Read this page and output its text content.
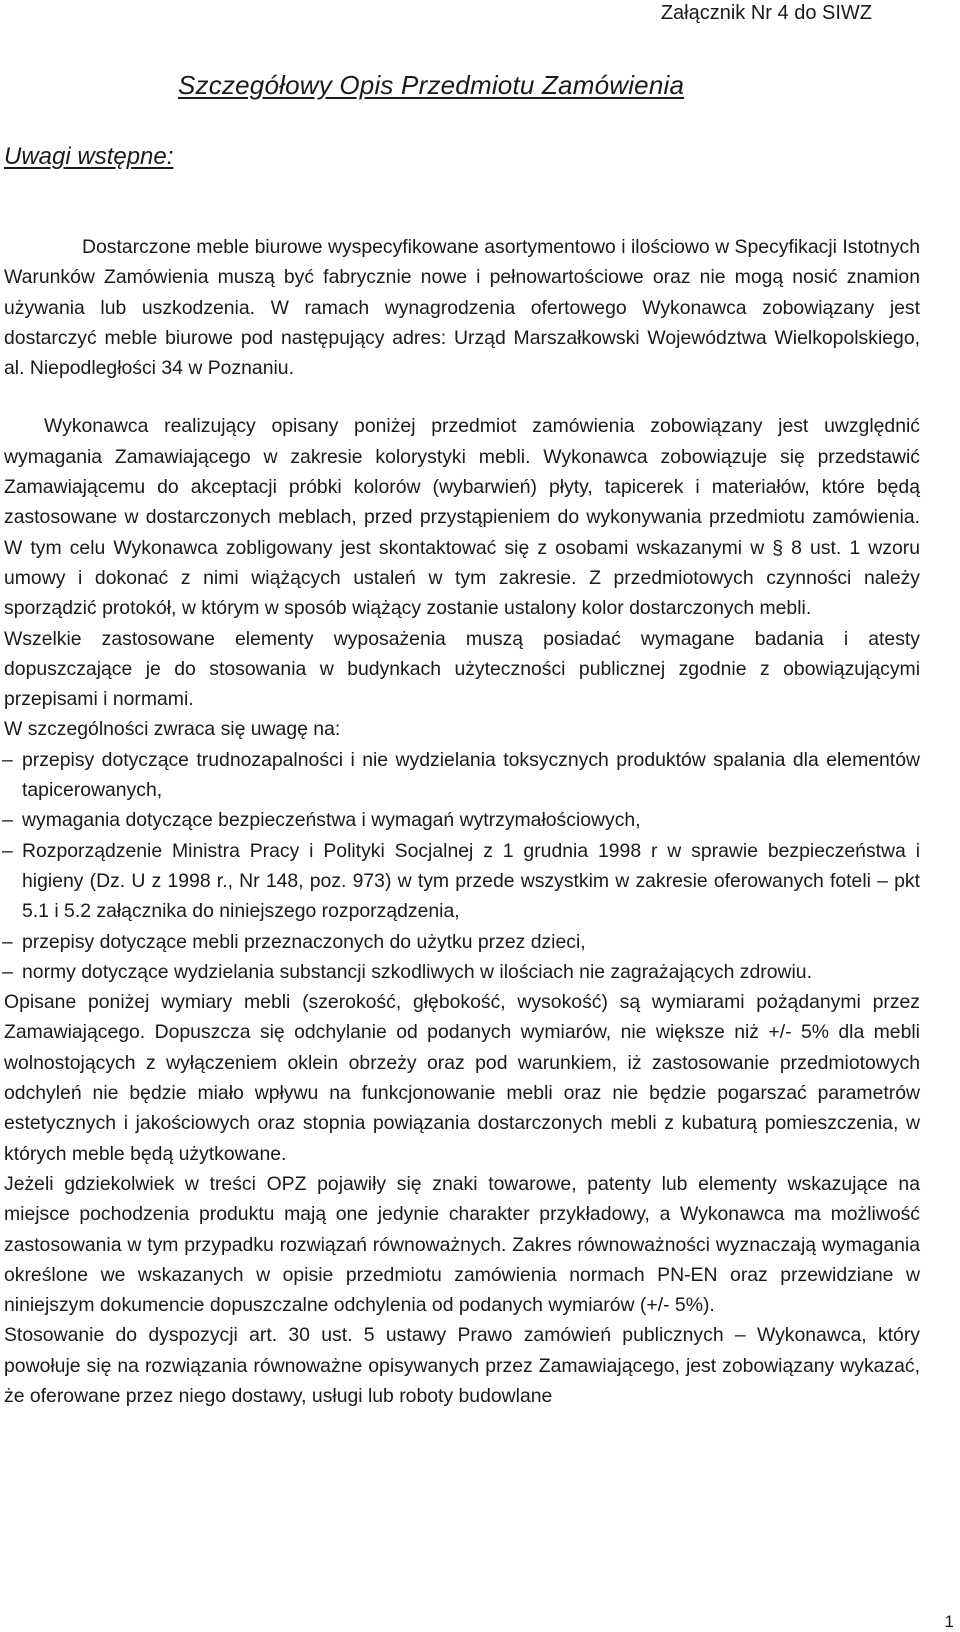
Załącznik Nr 4 do SIWZ
Szczegółowy Opis Przedmiotu Zamówienia
Uwagi wstępne:

Dostarczone meble biurowe wyspecyfikowane asortymentowo i ilościowo w Specyfikacji Istotnych Warunków Zamówienia muszą być fabrycznie nowe i pełnowartościowe oraz nie mogą nosić znamion używania lub uszkodzenia. W ramach wynagrodzenia ofertowego Wykonawca zobowiązany jest dostarczyć meble biurowe pod następujący adres: Urząd Marszałkowski Województwa Wielkopolskiego, al. Niepodległości 34 w Poznaniu.

Wykonawca realizujący opisany poniżej przedmiot zamówienia zobowiązany jest uwzględnić wymagania Zamawiającego w zakresie kolorystyki mebli. Wykonawca zobowiązuje się przedstawić Zamawiającemu do akceptacji próbki kolorów (wybarwień) płyty, tapicerek i materiałów, które będą zastosowane w dostarczonych meblach, przed przystąpieniem do wykonywania przedmiotu zamówienia. W tym celu Wykonawca zobligowany jest skontaktować się z osobami wskazanymi w § 8 ust. 1 wzoru umowy i dokonać z nimi wiążących ustaleń w tym zakresie. Z przedmiotowych czynności należy sporządzić protokół, w którym w sposób wiążący zostanie ustalony kolor dostarczonych mebli.

Wszelkie zastosowane elementy wyposażenia muszą posiadać wymagane badania i atesty dopuszczające je do stosowania w budynkach użyteczności publicznej zgodnie z obowiązującymi przepisami i normami.

W szczególności zwraca się uwagę na:

– przepisy dotyczące trudnozapalności i nie wydzielania toksycznych produktów spalania dla elementów tapicerowanych,
– wymagania dotyczące bezpieczeństwa i wymagań wytrzymałościowych,
– Rozporządzenie Ministra Pracy i Polityki Socjalnej z 1 grudnia 1998 r w sprawie bezpieczeństwa i higieny (Dz. U z 1998 r., Nr 148, poz. 973) w tym przede wszystkim w zakresie oferowanych foteli – pkt 5.1 i 5.2 załącznika do niniejszego rozporządzenia,
– przepisy dotyczące mebli przeznaczonych do użytku przez dzieci,
– normy dotyczące wydzielania substancji szkodliwych w ilościach nie zagrażających zdrowiu.

Opisane poniżej wymiary mebli (szerokość, głębokość, wysokość) są wymiarami pożądanymi przez Zamawiającego. Dopuszcza się odchylanie od podanych wymiarów, nie większe niż +/- 5% dla mebli wolnostojących z wyłączeniem oklein obrzeży oraz pod warunkiem, iż zastosowanie przedmiotowych odchyleń nie będzie miało wpływu na funkcjonowanie mebli oraz nie będzie pogarszać parametrów estetycznych i jakościowych oraz stopnia powiązania dostarczonych mebli z kubaturą pomieszczenia, w których meble będą użytkowane.

Jeżeli gdziekolwiek w treści OPZ pojawiły się znaki towarowe, patenty lub elementy wskazujące na miejsce pochodzenia produktu mają one jedynie charakter przykładowy, a Wykonawca ma możliwość zastosowania w tym przypadku rozwiązań równoważnych. Zakres równoważności wyznaczają wymagania określone we wskazanych w opisie przedmiotu zamówienia normach PN-EN oraz przewidziane w niniejszym dokumencie dopuszczalne odchylenia od podanych wymiarów (+/- 5%).

Stosowanie do dyspozycji art. 30 ust. 5 ustawy Prawo zamówień publicznych – Wykonawca, który powołuje się na rozwiązania równoważne opisywanych przez Zamawiającego, jest zobowiązany wykazać, że oferowane przez niego dostawy, usługi lub roboty budowlane

1
